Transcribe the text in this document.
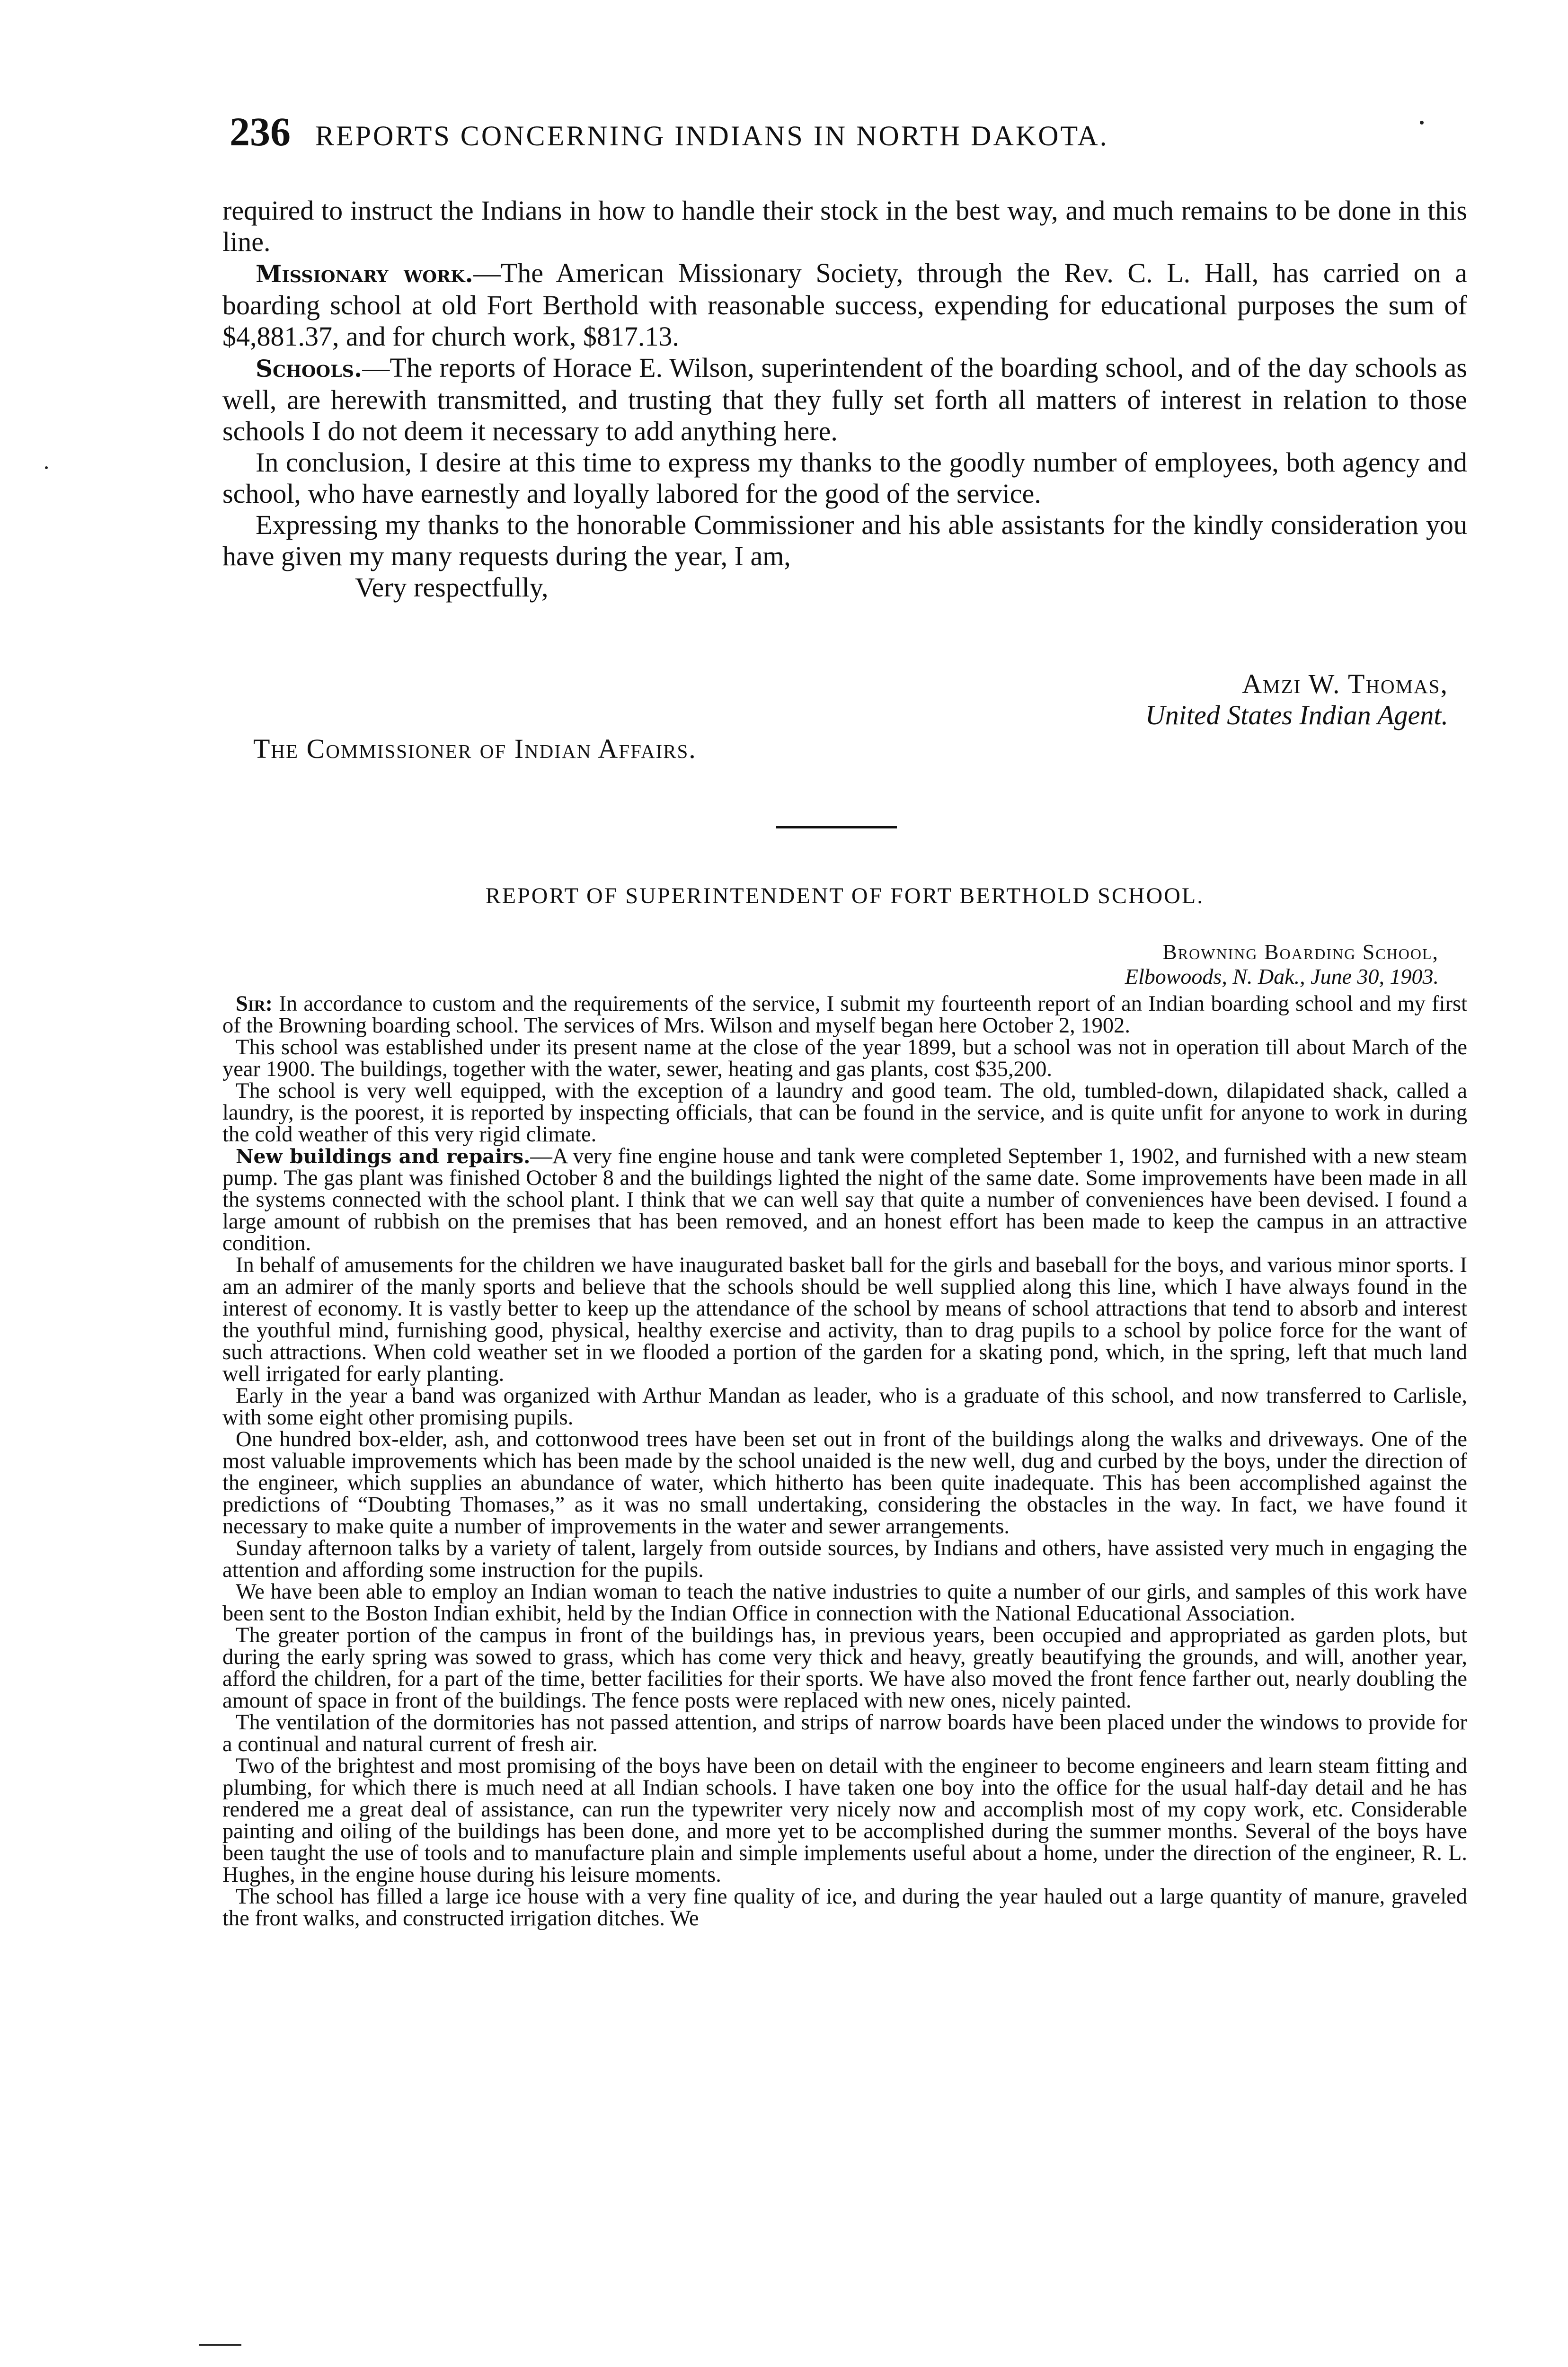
236 REPORTS CONCERNING INDIANS IN NORTH DAKOTA.

required to instruct the Indians in how to handle their stock in the best way, and much remains to be done in this line.

Missionary work.—The American Missionary Society, through the Rev. C. L. Hall, has carried on a boarding school at old Fort Berthold with reasonable success, expending for educational purposes the sum of $4,881.37, and for church work, $817.13.

Schools.—The reports of Horace E. Wilson, superintendent of the boarding school, and of the day schools as well, are herewith transmitted, and trusting that they fully set forth all matters of interest in relation to those schools I do not deem it necessary to add anything here.

In conclusion, I desire at this time to express my thanks to the goodly number of employees, both agency and school, who have earnestly and loyally labored for the good of the service.

Expressing my thanks to the honorable Commissioner and his able assistants for the kindly consideration you have given my many requests during the year, I am,

Very respectfully,

Amzi W. Thomas,
United States Indian Agent.
The Commissioner of Indian Affairs.
REPORT OF SUPERINTENDENT OF FORT BERTHOLD SCHOOL.
Browning Boarding School,
Elbowoods, N. Dak., June 30, 1903.

Sir: In accordance to custom and the requirements of the service, I submit my fourteenth report of an Indian boarding school and my first of the Browning boarding school. The services of Mrs. Wilson and myself began here October 2, 1902.

This school was established under its present name at the close of the year 1899, but a school was not in operation till about March of the year 1900. The buildings, together with the water, sewer, heating and gas plants, cost $35,200.

The school is very well equipped, with the exception of a laundry and good team. The old, tumbled-down, dilapidated shack, called a laundry, is the poorest, it is reported by inspecting officials, that can be found in the service, and is quite unfit for anyone to work in during the cold weather of this very rigid climate.

New buildings and repairs.—A very fine engine house and tank were completed September 1, 1902, and furnished with a new steam pump. The gas plant was finished October 8 and the buildings lighted the night of the same date. Some improvements have been made in all the systems connected with the school plant. I think that we can well say that quite a number of conveniences have been devised. I found a large amount of rubbish on the premises that has been removed, and an honest effort has been made to keep the campus in an attractive condition.

In behalf of amusements for the children we have inaugurated basket ball for the girls and baseball for the boys, and various minor sports. I am an admirer of the manly sports and believe that the schools should be well supplied along this line, which I have always found in the interest of economy. It is vastly better to keep up the attendance of the school by means of school attractions that tend to absorb and interest the youthful mind, furnishing good, physical, healthy exercise and activity, than to drag pupils to a school by police force for the want of such attractions. When cold weather set in we flooded a portion of the garden for a skating pond, which, in the spring, left that much land well irrigated for early planting.

Early in the year a band was organized with Arthur Mandan as leader, who is a graduate of this school, and now transferred to Carlisle, with some eight other promising pupils.

One hundred box-elder, ash, and cottonwood trees have been set out in front of the buildings along the walks and driveways. One of the most valuable improvements which has been made by the school unaided is the new well, dug and curbed by the boys, under the direction of the engineer, which supplies an abundance of water, which hitherto has been quite inadequate. This has been accomplished against the predictions of “Doubting Thomases,” as it was no small undertaking, considering the obstacles in the way. In fact, we have found it necessary to make quite a number of improvements in the water and sewer arrangements.

Sunday afternoon talks by a variety of talent, largely from outside sources, by Indians and others, have assisted very much in engaging the attention and affording some instruction for the pupils.

We have been able to employ an Indian woman to teach the native industries to quite a number of our girls, and samples of this work have been sent to the Boston Indian exhibit, held by the Indian Office in connection with the National Educational Association.

The greater portion of the campus in front of the buildings has, in previous years, been occupied and appropriated as garden plots, but during the early spring was sowed to grass, which has come very thick and heavy, greatly beautifying the grounds, and will, another year, afford the children, for a part of the time, better facilities for their sports. We have also moved the front fence farther out, nearly doubling the amount of space in front of the buildings. The fence posts were replaced with new ones, nicely painted.

The ventilation of the dormitories has not passed attention, and strips of narrow boards have been placed under the windows to provide for a continual and natural current of fresh air.

Two of the brightest and most promising of the boys have been on detail with the engineer to become engineers and learn steam fitting and plumbing, for which there is much need at all Indian schools. I have taken one boy into the office for the usual half-day detail and he has rendered me a great deal of assistance, can run the typewriter very nicely now and accomplish most of my copy work, etc. Considerable painting and oiling of the buildings has been done, and more yet to be accomplished during the summer months. Several of the boys have been taught the use of tools and to manufacture plain and simple implements useful about a home, under the direction of the engineer, R. L. Hughes, in the engine house during his leisure moments.

The school has filled a large ice house with a very fine quality of ice, and during the year hauled out a large quantity of manure, graveled the front walks, and constructed irrigation ditches. We
